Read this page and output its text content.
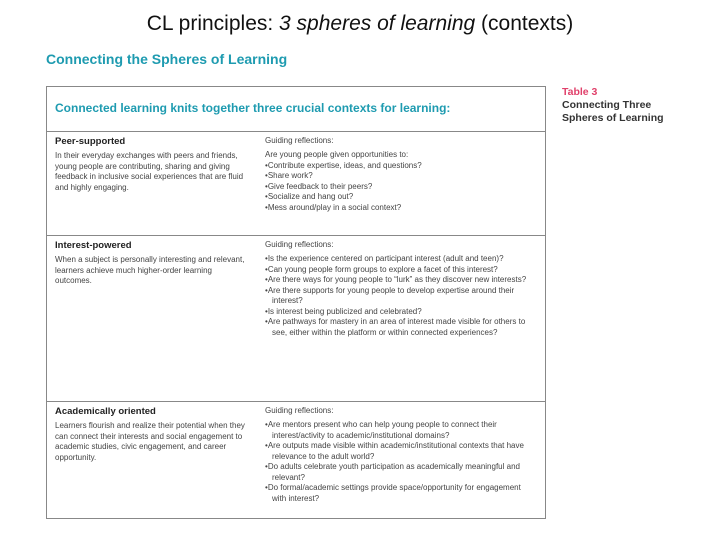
CL principles: 3 spheres of learning (contexts)
Connecting the Spheres of Learning
Table 3
Connecting Three
Spheres of Learning
Connected learning knits together three crucial contexts for learning:
Peer-supported
In their everyday exchanges with peers and friends, young people are contributing, sharing and giving feedback in inclusive social experiences that are fluid and highly engaging.
Guiding reflections:
Are young people given opportunities to:
• Contribute expertise, ideas, and questions?
• Share work?
• Give feedback to their peers?
• Socialize and hang out?
• Mess around/play in a social context?
Interest-powered
When a subject is personally interesting and relevant, learners achieve much higher-order learning outcomes.
Guiding reflections:
• Is the experience centered on participant interest (adult and teen)?
• Can young people form groups to explore a facet of this interest?
• Are there ways for young people to “lurk” as they discover new interests?
• Are there supports for young people to develop expertise around their interest?
• Is interest being publicized and celebrated?
• Are pathways for mastery in an area of interest made visible for others to see, either within the platform or within connected experiences?
Academically oriented
Learners flourish and realize their potential when they can connect their interests and social engagement to academic studies, civic engagement, and career opportunity.
Guiding reflections:
• Are mentors present who can help young people to connect their interest/activity to academic/institutional domains?
• Are outputs made visible within academic/institutional contexts that have relevance to the adult world?
• Do adults celebrate youth participation as academically meaningful and relevant?
• Do formal/academic settings provide space/opportunity for engagement with interest?
